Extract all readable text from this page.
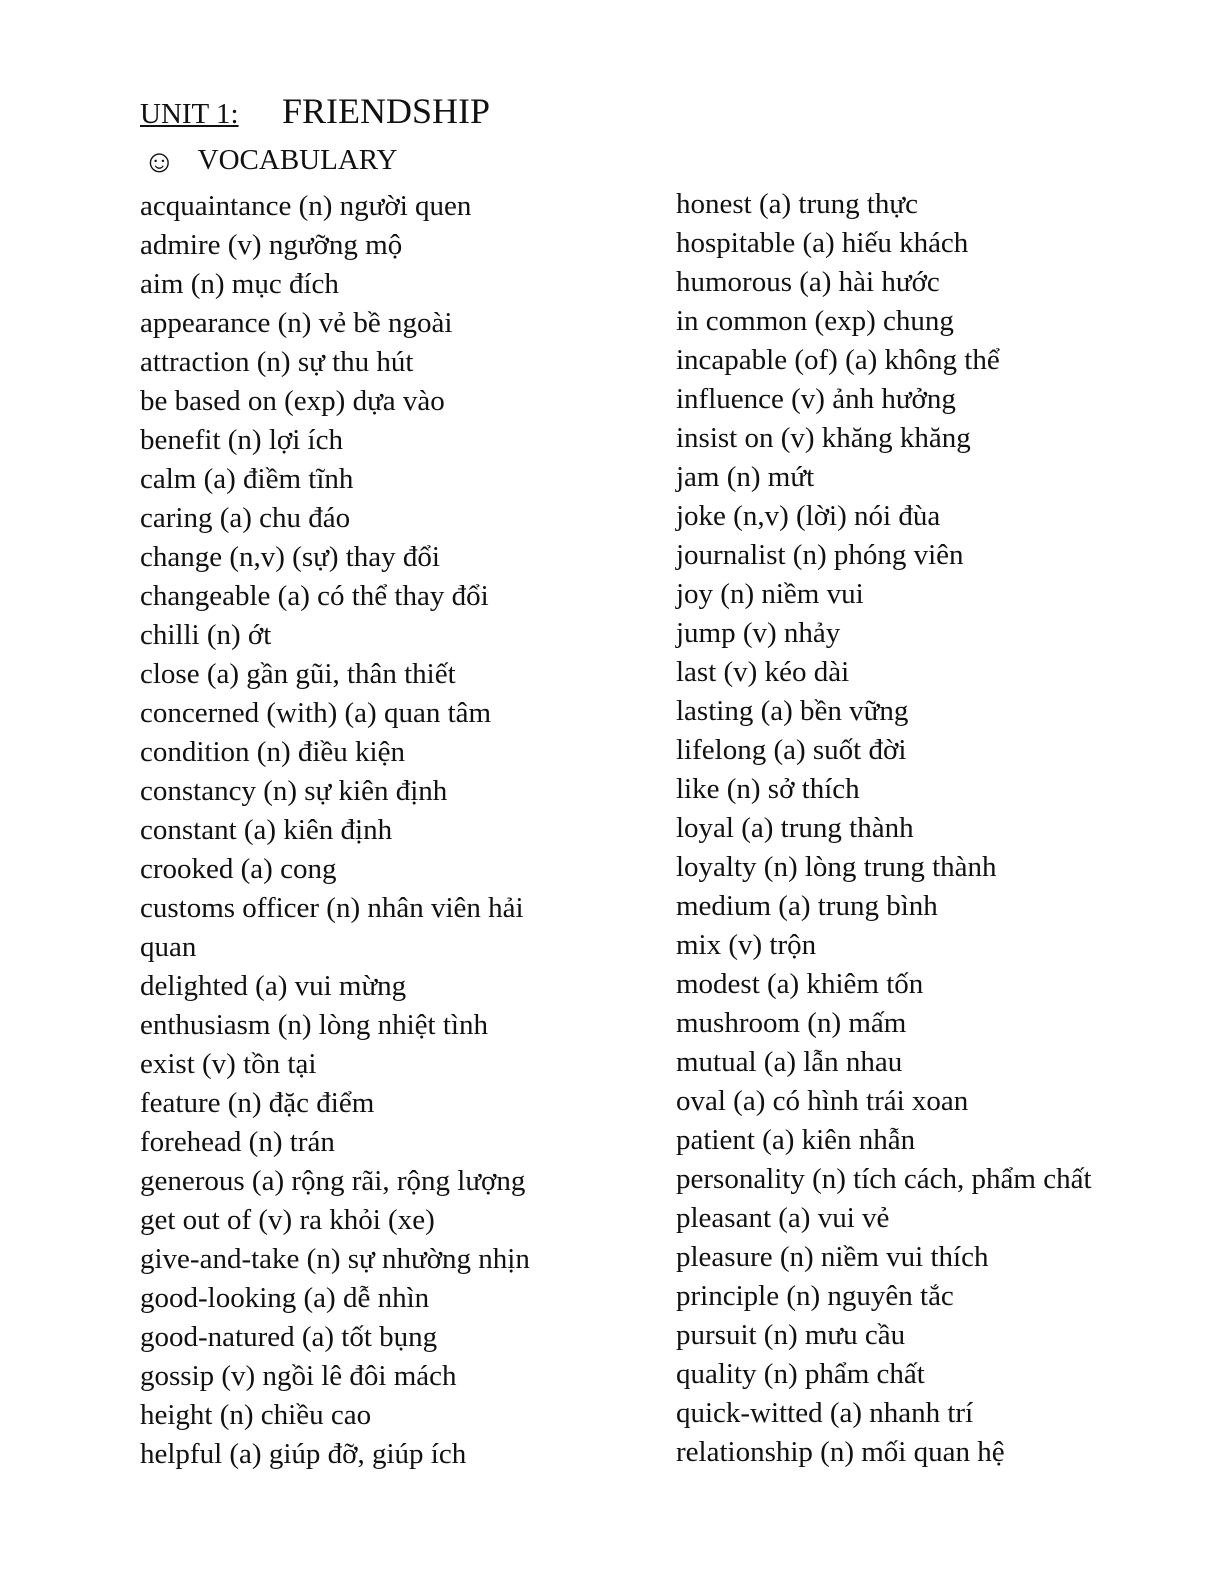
UNIT 1: FRIENDSHIP
☺ VOCABULARY
acquaintance (n) người quen
admire (v) ngưỡng mộ
aim (n) mục đích
appearance (n) vẻ bề ngoài
attraction (n) sự thu hút
be based on (exp) dựa vào
benefit (n) lợi ích
calm (a) điềm tĩnh
caring (a) chu đáo
change (n,v) (sự) thay đổi
changeable (a) có thể thay đổi
chilli (n) ớt
close (a) gần gũi, thân thiết
concerned (with) (a) quan tâm
condition (n) điều kiện
constancy (n) sự kiên định
constant (a) kiên định
crooked (a) cong
customs officer (n) nhân viên hải
quan
delighted (a) vui mừng
enthusiasm (n) lòng nhiệt tình
exist (v) tồn tại
feature (n) đặc điểm
forehead (n) trán
generous (a) rộng rãi, rộng lượng
get out of (v) ra khỏi (xe)
give-and-take (n) sự nhường nhịn
good-looking (a) dễ nhìn
good-natured (a) tốt bụng
gossip (v) ngồi lê đôi mách
height (n) chiều cao
helpful (a) giúp đỡ, giúp ích
honest (a) trung thực
hospitable (a) hiếu khách
humorous (a) hài hước
in common (exp) chung
incapable (of) (a) không thể
influence (v) ảnh hưởng
insist on (v) khăng khăng
jam (n) mứt
joke (n,v) (lời) nói đùa
journalist (n) phóng viên
joy (n) niềm vui
jump (v) nhảy
last (v) kéo dài
lasting (a) bền vững
lifelong (a) suốt đời
like (n) sở thích
loyal (a) trung thành
loyalty (n) lòng trung thành
medium (a) trung bình
mix (v) trộn
modest (a) khiêm tốn
mushroom (n) mấm
mutual (a) lẫn nhau
oval (a) có hình trái xoan
patient (a) kiên nhẫn
personality (n) tích cách, phẩm chất
pleasant (a) vui vẻ
pleasure (n) niềm vui thích
principle (n) nguyên tắc
pursuit (n) mưu cầu
quality (n) phẩm chất
quick-witted (a) nhanh trí
relationship (n) mối quan hệ
